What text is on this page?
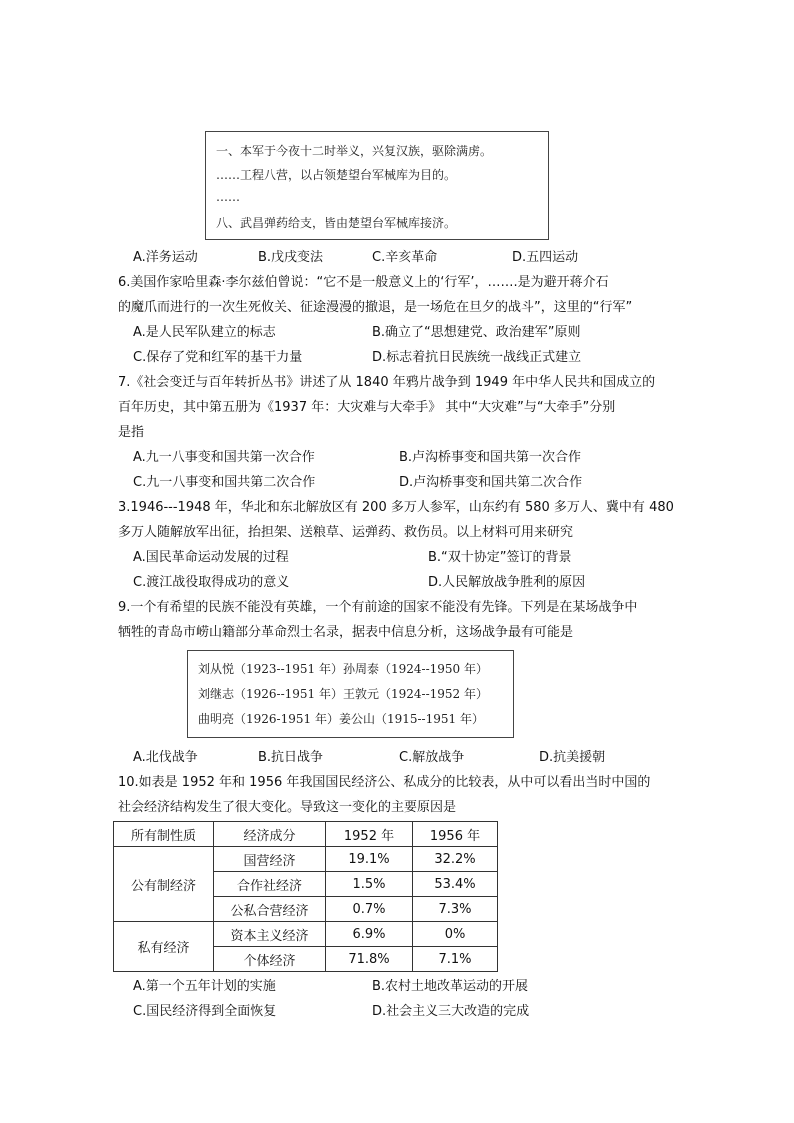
一、本军于今夜十二时举义，兴复汉族，驱除满虏。
……工程八营，以占领楚望台军械库为目的。
……
八、武昌弹药给支，皆由楚望台军械库接济。
A.洋务运动	B.戊戌变法	C.辛亥革命	D.五四运动
6.美国作家哈里森·李尔兹伯曾说：“它不是一般意义上的‘行军’，…….是为避开蒋介石
的魔爪而进行的一次生死攸关、征途漫漫的撤退，是一场危在旦夕的战斗”，这里的“行军”
A.是人民军队建立的标志	B.确立了“思想建党、政治建军”原则
C.保存了党和红军的基干力量	D.标志着抗日民族统一战线正式建立
7.《社会变迁与百年转折丛书》讲述了从 1840 年鸦片战争到 1949 年中华人民共和国成立的
百年历史，其中第五册为《1937 年：大灾难与大牵手》 其中“大灾难”与“大牵手”分别
是指
A.九一八事变和国共第一次合作	B.卢沟桥事变和国共第一次合作
C.九一八事变和国共第二次合作	D.卢沟桥事变和国共第二次合作
3.1946---1948 年，华北和东北解放区有 200 多万人参军，山东约有 580 多万人、冀中有 480
多万人随解放军出征，抬担架、送粮草、运弹药、救伤员。以上材料可用来研究
A.国民革命运动发展的过程	B.“双十协定”签订的背景
C.渡江战役取得成功的意义	D.人民解放战争胜利的原因
9.一个有希望的民族不能没有英雄，一个有前途的国家不能没有先锋。下列是在某场战争中
牺牲的青岛市崂山籍部分革命烈士名录，据表中信息分析，这场战争最有可能是
刘从悦（1923--1951 年）孙周泰（1924--1950 年）
刘继志（1926--1951 年）王敦元（1924--1952 年）
曲明亮（1926-1951 年）姜公山（1915--1951 年）
A.北伐战争	B.抗日战争	C.解放战争	D.抗美援朝
10.如表是 1952 年和 1956 年我国国民经济公、私成分的比较表，从中可以看出当时中国的
社会经济结构发生了很大变化。导致这一变化的主要原因是
所有制性质	经济成分	1952 年	1956 年
公有制经济	国营经济	19.1%	32.2%
	合作社经济	1.5%	53.4%
	公私合营经济	0.7%	7.3%
私有经济	资本主义经济	6.9%	0%
	个体经济	71.8%	7.1%
A.第一个五年计划的实施	B.农村土地改革运动的开展
C.国民经济得到全面恢复	D.社会主义三大改造的完成
